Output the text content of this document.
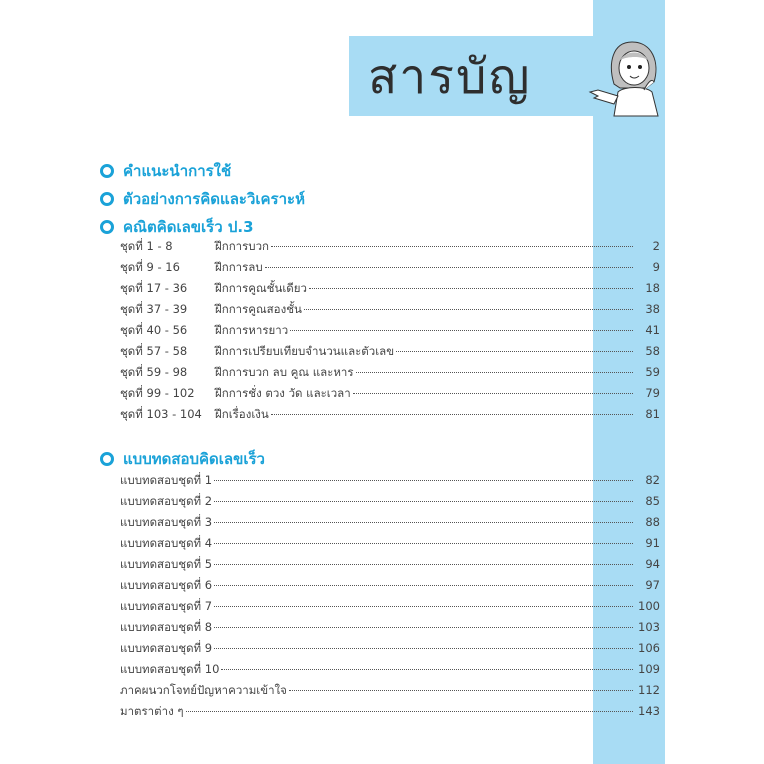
สารบัญ
คำแนะนำการใช้
ตัวอย่างการคิดและวิเคราะห์
คณิตคิดเลขเร็ว ป.3
ชุดที่ 1 - 8	ฝึกการบวก	2
ชุดที่ 9 - 16	ฝึกการลบ	9
ชุดที่ 17 - 36	ฝึกการคูณชั้นเดียว	18
ชุดที่ 37 - 39	ฝึกการคูณสองชั้น	38
ชุดที่ 40 - 56	ฝึกการหารยาว	41
ชุดที่ 57 - 58	ฝึกการเปรียบเทียบจำนวนและตัวเลข	58
ชุดที่ 59 - 98	ฝึกการบวก ลบ คูณ และหาร	59
ชุดที่ 99 - 102	ฝึกการชั่ง ตวง วัด และเวลา	79
ชุดที่ 103 - 104	ฝึกเรื่องเงิน	81
แบบทดสอบคิดเลขเร็ว
แบบทดสอบชุดที่ 1	82
แบบทดสอบชุดที่ 2	85
แบบทดสอบชุดที่ 3	88
แบบทดสอบชุดที่ 4	91
แบบทดสอบชุดที่ 5	94
แบบทดสอบชุดที่ 6	97
แบบทดสอบชุดที่ 7	100
แบบทดสอบชุดที่ 8	103
แบบทดสอบชุดที่ 9	106
แบบทดสอบชุดที่ 10	109
ภาคผนวกโจทย์ปัญหาความเข้าใจ	112
มาตราต่าง ๆ	143
